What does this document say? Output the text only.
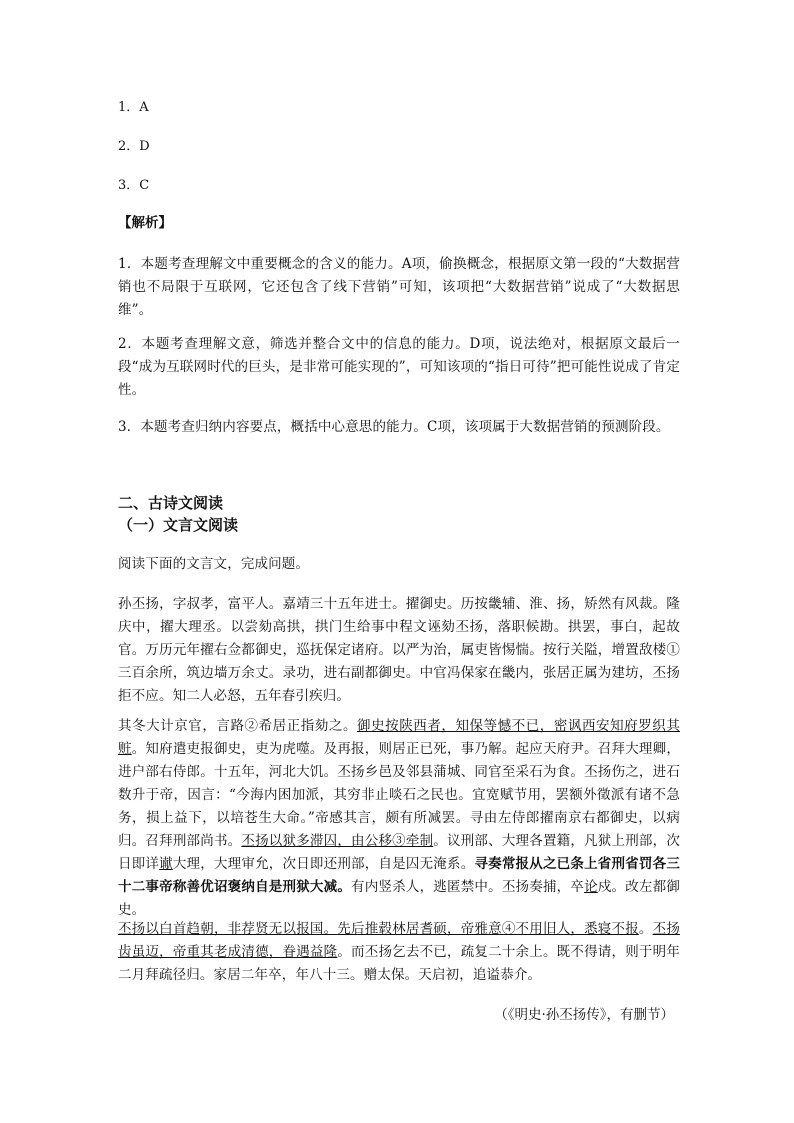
1．A
2．D
3．C
【解析】
1．本题考查理解文中重要概念的含义的能力。A项，偷换概念，根据原文第一段的“大数据营销也不局限于互联网，它还包含了线下营销”可知，该项把“大数据营销”说成了“大数据思维”。
2．本题考查理解文意，筛选并整合文中的信息的能力。D项，说法绝对，根据原文最后一段“成为互联网时代的巨头，是非常可能实现的”，可知该项的“指日可待”把可能性说成了肯定性。
3．本题考查归纳内容要点，概括中心意思的能力。C项，该项属于大数据营销的预测阶段。
二、古诗文阅读
（一）文言文阅读
阅读下面的文言文，完成问题。
孙丕扬，字叔孝，富平人。嘉靖三十五年进士。擢御史。历按畿辅、淮、扬，矫然有风裁。隆庆中，擢大理丞。以尝劾高拱，拱门生给事中程文诬劾丕扬，落职候勘。拱罢，事白，起故官。万历元年擢右佥都御史，巡抚保定诸府。以严为治，属吏皆惕惴。按行关隘，增置敌楼①三百余所，筑边墙万余丈。录功，进右副都御史。中官冯保家在畿内，张居正属为建坊，丕扬拒不应。知二人必怒，五年春引疾归。
其冬大计京官，言路②希居正指劾之。御史按陕西者，知保等憾不已，密讽西安知府罗织其赃。知府遣吏报御史，吏为虎噬。及再报，则居正已死，事乃解。起应天府尹。召拜大理卿，进户部右侍郎。十五年，河北大饥。丕扬乡邑及邻县蒲城、同官至采石为食。丕扬伤之，进石数升于帝，因言：“今海内困加派，其穷非止啖石之民也。宜宽赋节用，罢额外徵派有诸不急务，损上益下，以培苍生大命。”帝感其言，颇有所减罢。寻由左侍郎擢南京右都御史，以病归。召拜刑部尚书。丕扬以狱多滞囚，由公移③牵制。议刑部、大理各置籍，凡狱上刑部，次日即详谳大理，大理审允，次日即还刑部，自是囚无淹系。寻奏常报从之已条上省刑省罚各三十二事帝称善优诏褒纳自是刑狱大减。有内竖杀人，逃匿禁中。丕扬奏捕，卒论戍。改左都御史。
丕扬以白首趋朝，非荐贤无以报国。先后推毂林居耆硕，帝雅意④不用旧人，悉寝不报。丕扬齿虽迈，帝重其老成清德，眷遇益隆。而丕扬乞去不已，疏复二十余上。既不得请，则于明年二月拜疏径归。家居二年卒，年八十三。赠太保。天启初，追谥恭介。
（《明史·孙丕扬传》，有删节）
